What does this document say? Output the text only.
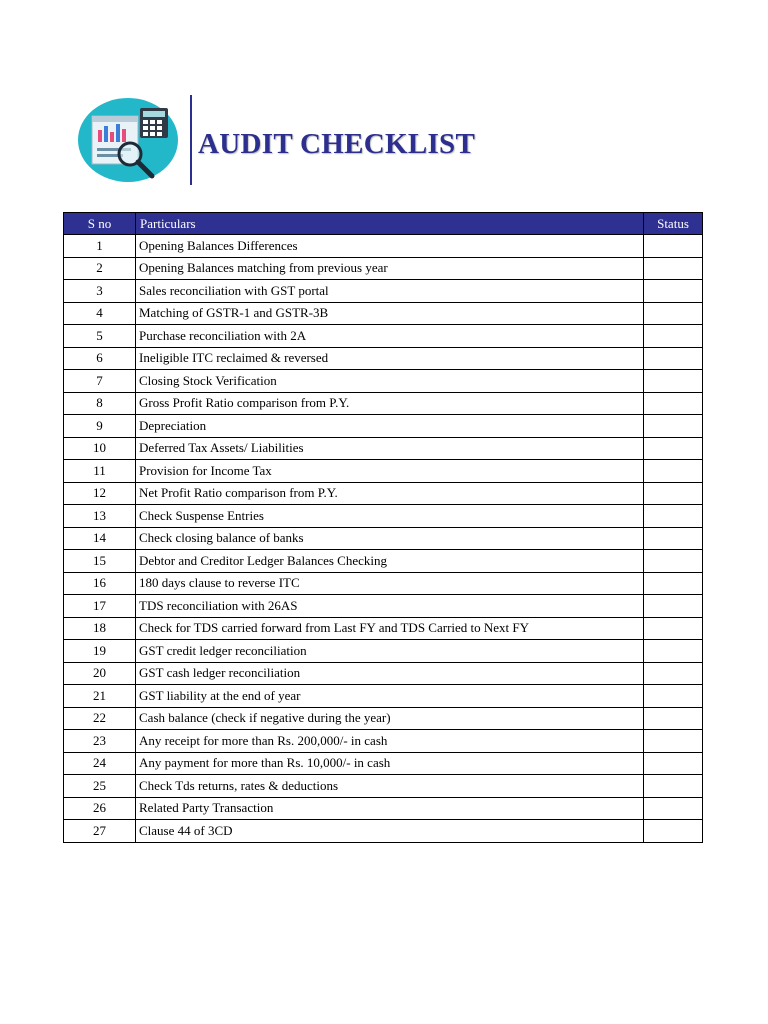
AUDIT CHECKLIST
S no	Particulars	Status
1	Opening Balances Differences	
2	Opening Balances matching from previous year	
3	Sales reconciliation with GST portal	
4	Matching of GSTR-1 and GSTR-3B	
5	Purchase reconciliation with 2A	
6	Ineligible ITC reclaimed & reversed	
7	Closing Stock Verification	
8	Gross Profit Ratio comparison from P.Y.	
9	Depreciation	
10	Deferred Tax Assets/ Liabilities	
11	Provision for Income Tax	
12	Net Profit Ratio comparison from P.Y.	
13	Check Suspense Entries	
14	Check closing balance of banks	
15	Debtor and Creditor Ledger Balances Checking	
16	180 days clause to reverse ITC	
17	TDS reconciliation with 26AS	
18	Check for TDS carried forward from Last FY and TDS Carried to Next FY	
19	GST credit ledger reconciliation	
20	GST cash ledger reconciliation	
21	GST liability at the end of year	
22	Cash balance (check if negative during the year)	
23	Any receipt for more than Rs. 200,000/- in cash	
24	Any payment for more than Rs. 10,000/- in cash	
25	Check Tds returns, rates & deductions	
26	Related Party Transaction	
27	Clause 44 of 3CD	
